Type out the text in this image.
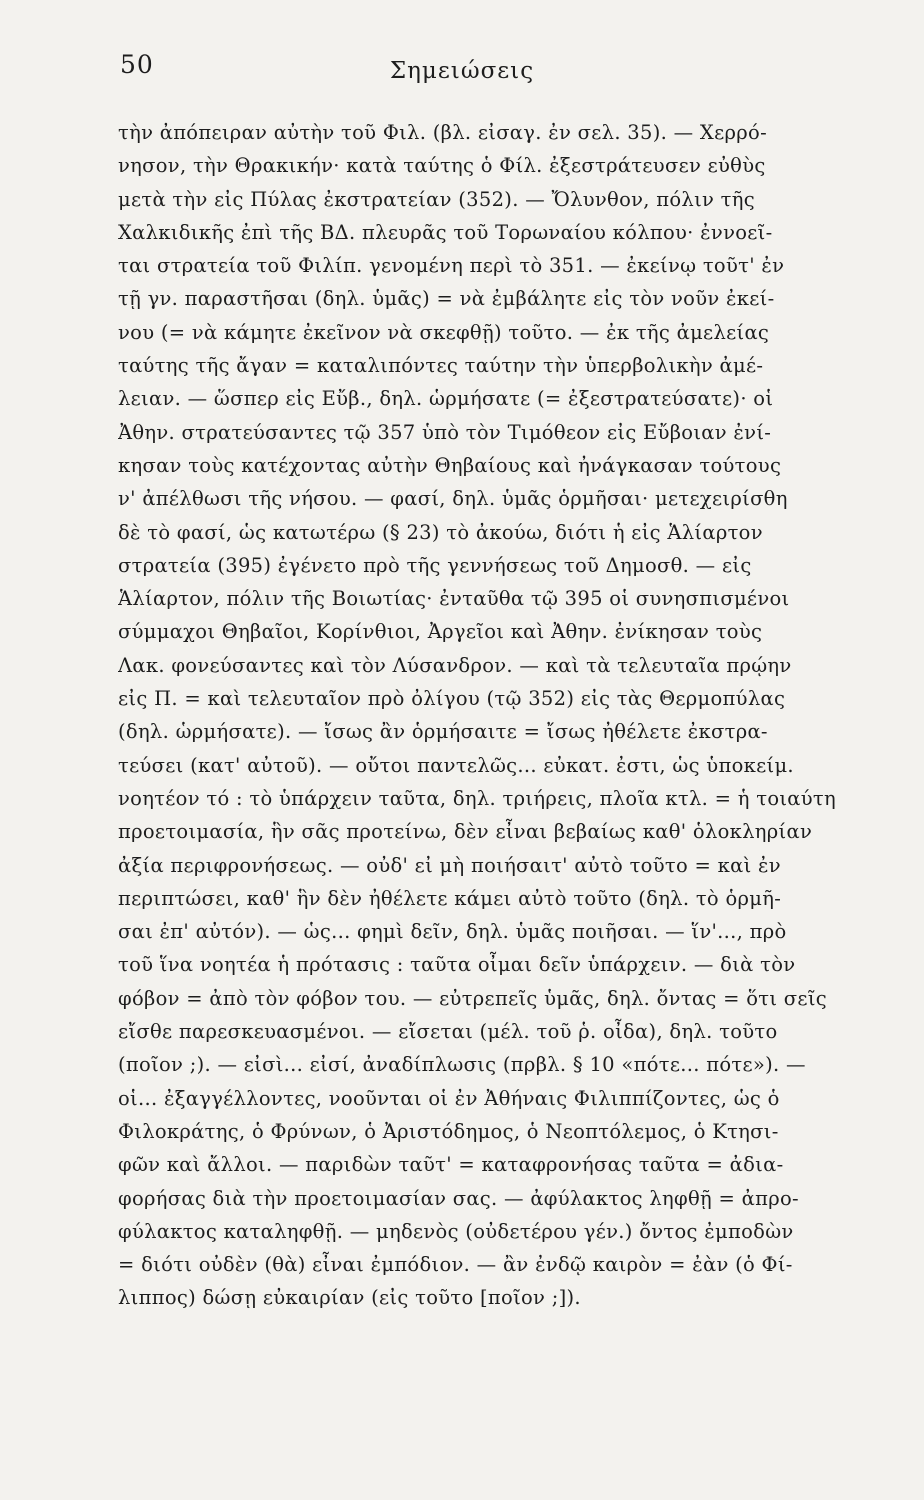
50	Σημειώσεις
τὴν ἀπόπειραν αὐτὴν τοῦ Φιλ. (βλ. εἰσαγ. ἐν σελ. 35). — Χερρό-
νησον, τὴν Θρακικήν· κατὰ ταύτης ὁ Φίλ. ἐξεστράτευσεν εὐθὺς
μετὰ τὴν εἰς Πύλας ἐκστρατείαν (352). — Ὄλυνθον, πόλιν τῆς
Χαλκιδικῆς ἐπὶ τῆς ΒΔ. πλευρᾶς τοῦ Τορωναίου κόλπου· ἐννοεῖ-
ται στρατεία τοῦ Φιλίπ. γενομένη περὶ τὸ 351. — ἐκείνῳ τοῦτ' ἐν
τῇ γν. παραστῆσαι (δηλ. ὑμᾶς) = νὰ ἐμβάλητε εἰς τὸν νοῦν ἐκεί-
νου (= νὰ κάμητε ἐκεῖνον νὰ σκεφθῇ) τοῦτο. — ἐκ τῆς ἀμελείας
ταύτης τῆς ἄγαν = καταλιπόντες ταύτην τὴν ὑπερβολικὴν ἀμέ-
λειαν. — ὥσπερ εἰς Εὔβ., δηλ. ὡρμήσατε (= ἐξεστρατεύσατε)· οἱ
Ἀθην. στρατεύσαντες τῷ 357 ὑπὸ τὸν Τιμόθεον εἰς Εὔβοιαν ἐνί-
κησαν τοὺς κατέχοντας αὐτὴν Θηβαίους καὶ ἠνάγκασαν τούτους
ν' ἀπέλθωσι τῆς νήσου. — φασί, δηλ. ὑμᾶς ὁρμῆσαι· μετεχειρίσθη
δὲ τὸ φασί, ὡς κατωτέρω (§ 23) τὸ ἀκούω, διότι ἡ εἰς Ἁλίαρτον
στρατεία (395) ἐγένετο πρὸ τῆς γεννήσεως τοῦ Δημοσθ. — εἰς
Ἁλίαρτον, πόλιν τῆς Βοιωτίας· ἐνταῦθα τῷ 395 οἱ συνησπισμένοι
σύμμαχοι Θηβαῖοι, Κορίνθιοι, Ἀργεῖοι καὶ Ἀθην. ἐνίκησαν τοὺς
Λακ. φονεύσαντες καὶ τὸν Λύσανδρον. — καὶ τὰ τελευταῖα πρῴην
εἰς Π. = καὶ τελευταῖον πρὸ ὀλίγου (τῷ 352) εἰς τὰς Θερμοπύλας
(δηλ. ὡρμήσατε). — ἴσως ἂν ὁρμήσαιτε = ἴσως ἠθέλετε ἐκστρα-
τεύσει (κατ' αὐτοῦ). — οὔτοι παντελῶς... εὐκατ. ἐστι, ὡς ὑποκείμ.
νοητέον τό : τὸ ὑπάρχειν ταῦτα, δηλ. τριήρεις, πλοῖα κτλ. = ἡ τοιαύτη
προετοιμασία, ἣν σᾶς προτείνω, δὲν εἶναι βεβαίως καθ' ὁλοκληρίαν
ἀξία περιφρονήσεως. — οὐδ' εἰ μὴ ποιήσαιτ' αὐτὸ τοῦτο = καὶ ἐν
περιπτώσει, καθ' ἣν δὲν ἠθέλετε κάμει αὐτὸ τοῦτο (δηλ. τὸ ὁρμῆ-
σαι ἐπ' αὐτόν). — ὡς... φημὶ δεῖν, δηλ. ὑμᾶς ποιῆσαι. — ἵν'..., πρὸ
τοῦ ἵνα νοητέα ἡ πρότασις : ταῦτα οἶμαι δεῖν ὑπάρχειν. — διὰ τὸν
φόβον = ἀπὸ τὸν φόβον του. — εὐτρεπεῖς ὑμᾶς, δηλ. ὄντας = ὅτι σεῖς
εἴσθε παρεσκευασμένοι. — εἴσεται (μέλ. τοῦ ῥ. οἶδα), δηλ. τοῦτο
(ποῖον ;). — εἰσὶ... εἰσί, ἀναδίπλωσις (πρβλ. § 10 «πότε... πότε»). —
οἱ... ἐξαγγέλλοντες, νοοῦνται οἱ ἐν Ἀθήναις Φιλιππίζοντες, ὡς ὁ
Φιλοκράτης, ὁ Φρύνων, ὁ Ἀριστόδημος, ὁ Νεοπτόλεμος, ὁ Κτησι-
φῶν καὶ ἄλλοι. — παριδὼν ταῦτ' = καταφρονήσας ταῦτα = ἀδια-
φορήσας διὰ τὴν προετοιμασίαν σας. — ἀφύλακτος ληφθῇ = ἀπρο-
φύλακτος καταληφθῇ. — μηδενὸς (οὐδετέρου γέν.) ὄντος ἐμποδὼν
= διότι οὐδὲν (θὰ) εἶναι ἐμπόδιον. — ἂν ἐνδῷ καιρὸν = ἐὰν (ὁ Φί-
λιππος) δώσῃ εὐκαιρίαν (εἰς τοῦτο [ποῖον ;]).
